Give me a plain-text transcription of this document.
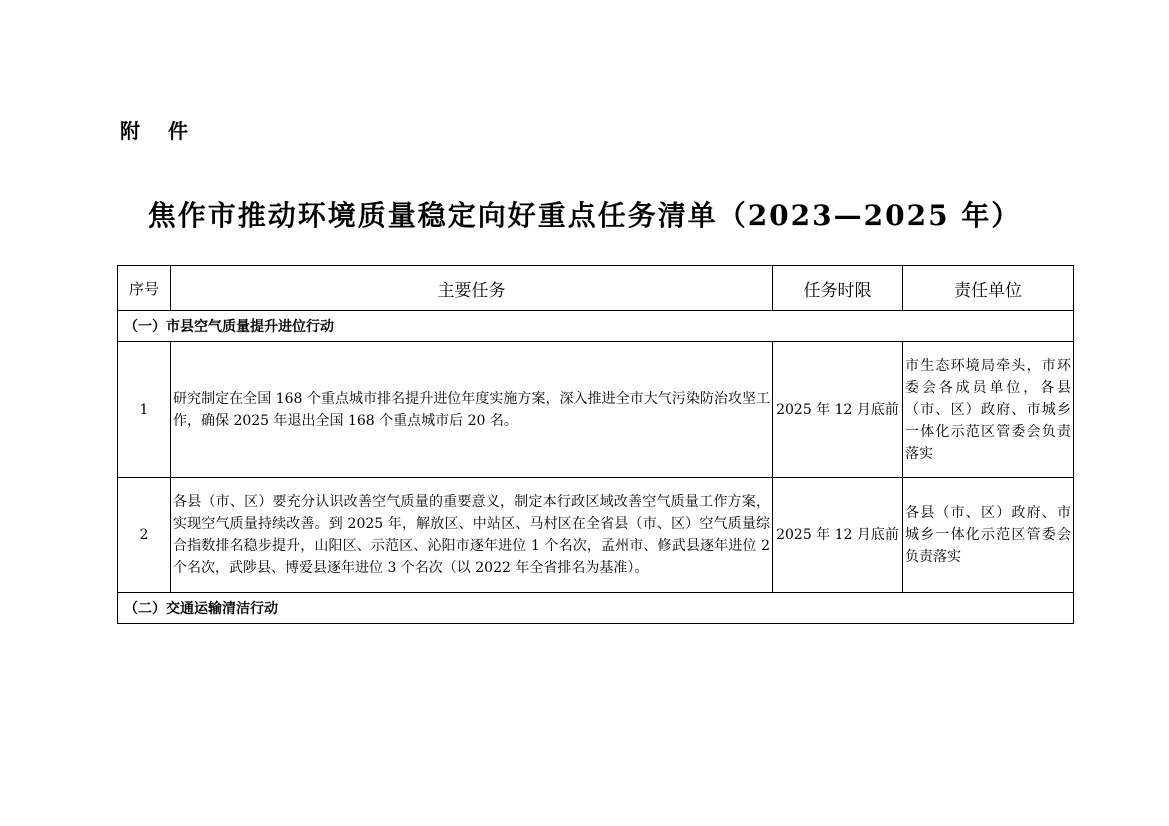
附　件
焦作市推动环境质量稳定向好重点任务清单（2023—2025 年）
序号	主要任务	任务时限	责任单位
（一）市县空气质量提升进位行动			
1	研究制定在全国 168 个重点城市排名提升进位年度实施方案，深入推进全市大气污染防治攻坚工作，确保 2025 年退出全国 168 个重点城市后 20 名。	2025 年 12 月底前	市生态环境局牵头，市环委会各成员单位，各县（市、区）政府、市城乡一体化示范区管委会负责落实
2	各县（市、区）要充分认识改善空气质量的重要意义，制定本行政区域改善空气质量工作方案，实现空气质量持续改善。到 2025 年，解放区、中站区、马村区在全省县（市、区）空气质量综合指数排名稳步提升，山阳区、示范区、沁阳市逐年进位 1 个名次，孟州市、修武县逐年进位 2 个名次，武陟县、博爱县逐年进位 3 个名次（以 2022 年全省排名为基准）。	2025 年 12 月底前	各县（市、区）政府、市城乡一体化示范区管委会负责落实
（二）交通运输清洁行动			
